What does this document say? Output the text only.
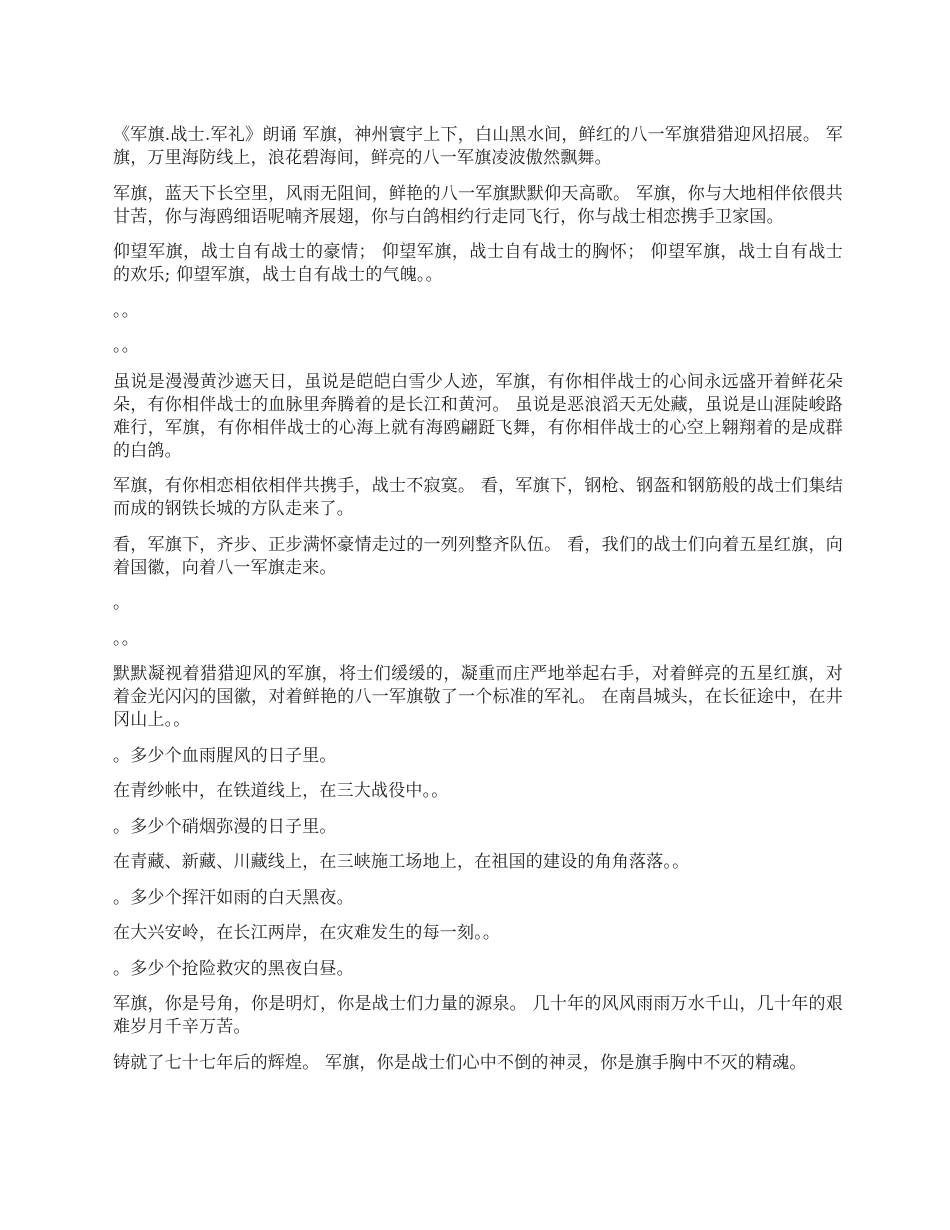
《军旗.战士.军礼》朗诵 军旗，神州寰宇上下，白山黑水间，鲜红的八一军旗猎猎迎风招展。 军旗，万里海防线上，浪花碧海间，鲜亮的八一军旗凌波傲然飘舞。

军旗，蓝天下长空里，风雨无阻间，鲜艳的八一军旗默默仰天高歌。 军旗，你与大地相伴依偎共甘苦，你与海鸥细语呢喃齐展翅，你与白鸽相约行走同飞行，你与战士相恋携手卫家国。

仰望军旗，战士自有战士的豪情； 仰望军旗，战士自有战士的胸怀； 仰望军旗，战士自有战士的欢乐; 仰望军旗，战士自有战士的气魄。。

。。

。。

虽说是漫漫黄沙遮天日，虽说是皑皑白雪少人迹，军旗，有你相伴战士的心间永远盛开着鲜花朵朵，有你相伴战士的血脉里奔腾着的是长江和黄河。 虽说是恶浪滔天无处藏，虽说是山涯陡峻路难行，军旗，有你相伴战士的心海上就有海鸥翩跹飞舞，有你相伴战士的心空上翱翔着的是成群的白鸽。

军旗，有你相恋相依相伴共携手，战士不寂寞。 看，军旗下，钢枪、钢盔和钢筋般的战士们集结而成的钢铁长城的方队走来了。

看，军旗下，齐步、正步满怀豪情走过的一列列整齐队伍。 看，我们的战士们向着五星红旗，向着国徽，向着八一军旗走来。

。

。。

默默凝视着猎猎迎风的军旗，将士们缓缓的，凝重而庄严地举起右手，对着鲜亮的五星红旗，对着金光闪闪的国徽，对着鲜艳的八一军旗敬了一个标准的军礼。 在南昌城头，在长征途中，在井冈山上。。

。多少个血雨腥风的日子里。

在青纱帐中，在铁道线上，在三大战役中。。

。多少个硝烟弥漫的日子里。

在青藏、新藏、川藏线上，在三峡施工场地上，在祖国的建设的角角落落。。

。多少个挥汗如雨的白天黑夜。

在大兴安岭，在长江两岸，在灾难发生的每一刻。。

。多少个抢险救灾的黑夜白昼。

军旗，你是号角，你是明灯，你是战士们力量的源泉。 几十年的风风雨雨万水千山，几十年的艰难岁月千辛万苦。

铸就了七十七年后的辉煌。 军旗，你是战士们心中不倒的神灵，你是旗手胸中不灭的精魂。
